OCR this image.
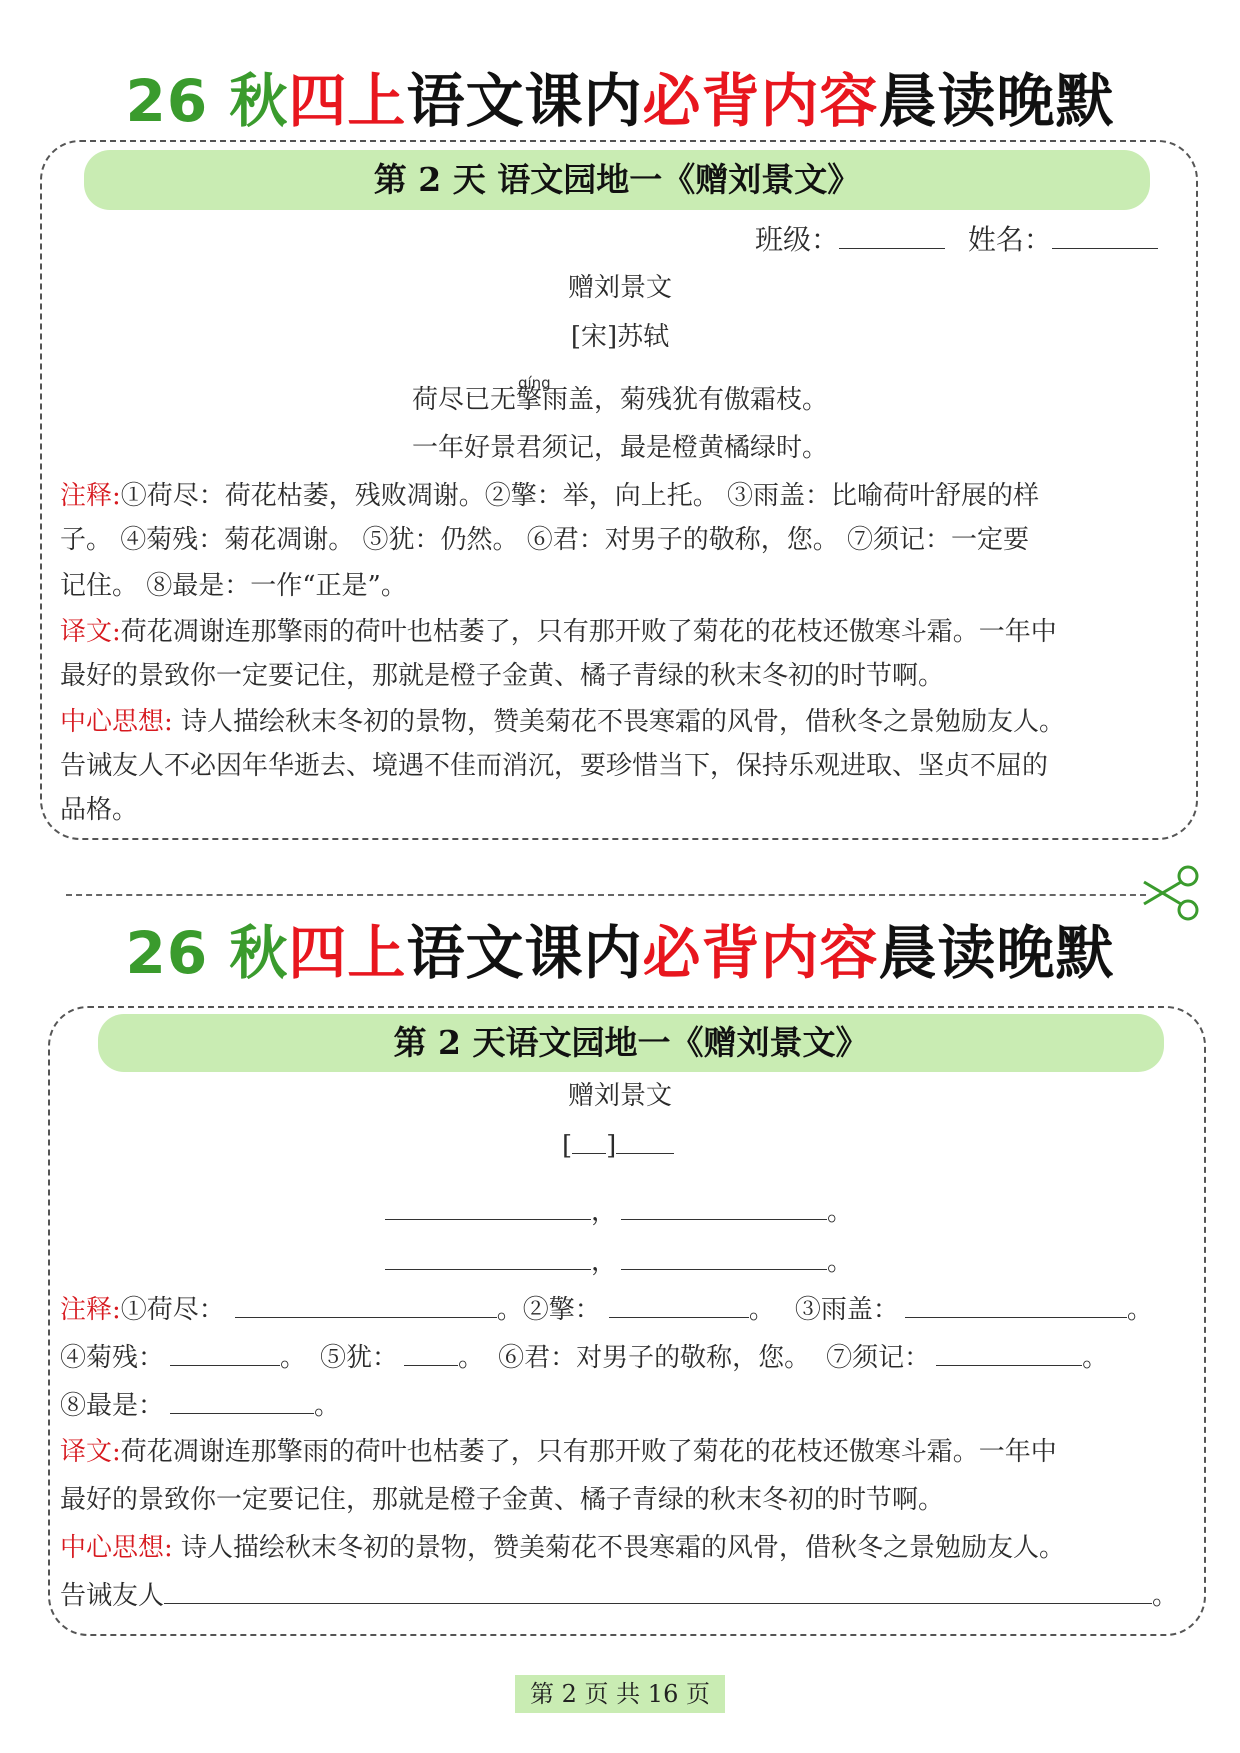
26 秋四上语文课内必背内容晨读晚默
第 2 天 语文园地一《赠刘景文》
班级：	姓名：
赠刘景文
[宋]苏轼
荷尽已无
qíng
擎雨盖，菊残犹有傲霜枝。
一年好景君须记，最是橙黄橘绿时。
注释:①荷尽：荷花枯萎，残败凋谢。②擎：举，向上托。 ③雨盖：比喻荷叶舒展的样
子。 ④菊残：菊花凋谢。 ⑤犹：仍然。 ⑥君：对男子的敬称，您。 ⑦须记：一定要
记住。 ⑧最是：一作“正是”。
译文:荷花凋谢连那擎雨的荷叶也枯萎了，只有那开败了菊花的花枝还傲寒斗霜。一年中
最好的景致你一定要记住，那就是橙子金黄、橘子青绿的秋末冬初的时节啊。
中心思想: 诗人描绘秋末冬初的景物，赞美菊花不畏寒霜的风骨，借秋冬之景勉励友人。
告诫友人不必因年华逝去、境遇不佳而消沉，要珍惜当下，保持乐观进取、坚贞不屈的
品格。
26 秋四上语文课内必背内容晨读晚默
第 2 天语文园地一《赠刘景文》
赠刘景文
[ ]
，	。
，	。
注释:①荷尽：	。②擎：	。 ③雨盖：	。
④菊残：	。 ⑤犹： 。 ⑥君：对男子的敬称，您。 ⑦须记：	。
⑧最是：	。
译文:荷花凋谢连那擎雨的荷叶也枯萎了，只有那开败了菊花的花枝还傲寒斗霜。一年中
最好的景致你一定要记住，那就是橙子金黄、橘子青绿的秋末冬初的时节啊。
中心思想: 诗人描绘秋末冬初的景物，赞美菊花不畏寒霜的风骨，借秋冬之景勉励友人。
告诫友人	。
第 2 页 共 16 页
